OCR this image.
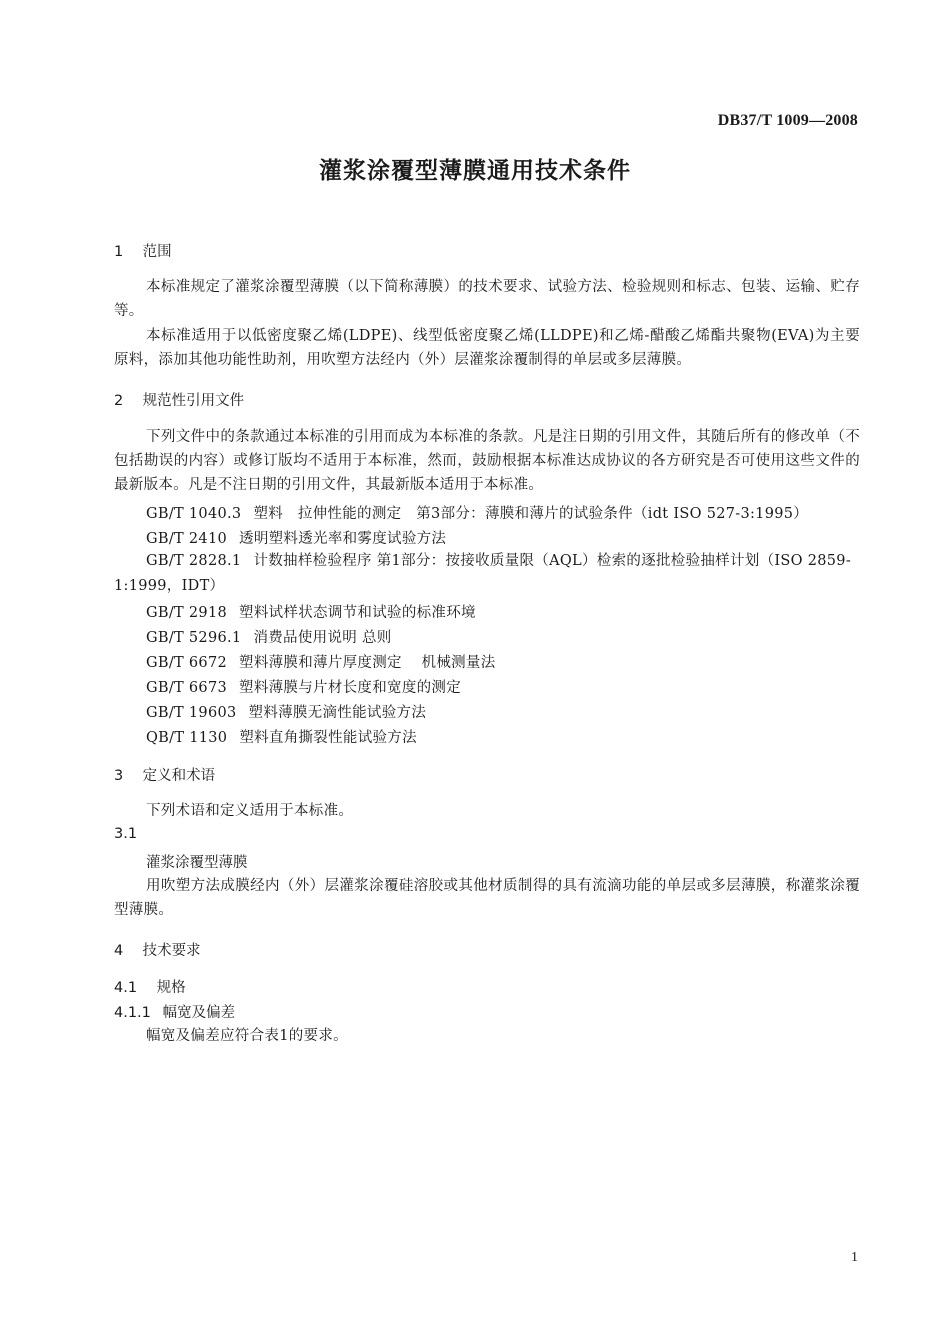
DB37/T 1009—2008
灌浆涂覆型薄膜通用技术条件
1 范围
本标准规定了灌浆涂覆型薄膜（以下简称薄膜）的技术要求、试验方法、检验规则和标志、包装、运输、贮存等。
本标准适用于以低密度聚乙烯(LDPE)、线型低密度聚乙烯(LLDPE)和乙烯-醋酸乙烯酯共聚物(EVA)为主要原料，添加其他功能性助剂，用吹塑方法经内（外）层灌浆涂覆制得的单层或多层薄膜。
2 规范性引用文件
下列文件中的条款通过本标准的引用而成为本标准的条款。凡是注日期的引用文件，其随后所有的修改单（不包括勘误的内容）或修订版均不适用于本标准，然而，鼓励根据本标准达成协议的各方研究是否可使用这些文件的最新版本。凡是不注日期的引用文件，其最新版本适用于本标准。
GB/T 1040.3 塑料　拉伸性能的测定　第3部分：薄膜和薄片的试验条件（idt ISO 527-3:1995）
GB/T 2410 透明塑料透光率和雾度试验方法
GB/T 2828.1 计数抽样检验程序 第1部分：按接收质量限（AQL）检索的逐批检验抽样计划（ISO 2859-1:1999，IDT）
GB/T 2918 塑料试样状态调节和试验的标准环境
GB/T 5296.1 消费品使用说明 总则
GB/T 6672 塑料薄膜和薄片厚度测定　 机械测量法
GB/T 6673 塑料薄膜与片材长度和宽度的测定
GB/T 19603 塑料薄膜无滴性能试验方法
QB/T 1130 塑料直角撕裂性能试验方法
3 定义和术语
下列术语和定义适用于本标准。
3.1
灌浆涂覆型薄膜
用吹塑方法成膜经内（外）层灌浆涂覆硅溶胶或其他材质制得的具有流滴功能的单层或多层薄膜，称灌浆涂覆型薄膜。
4 技术要求
4.1 规格
4.1.1 幅宽及偏差
幅宽及偏差应符合表1的要求。
1
